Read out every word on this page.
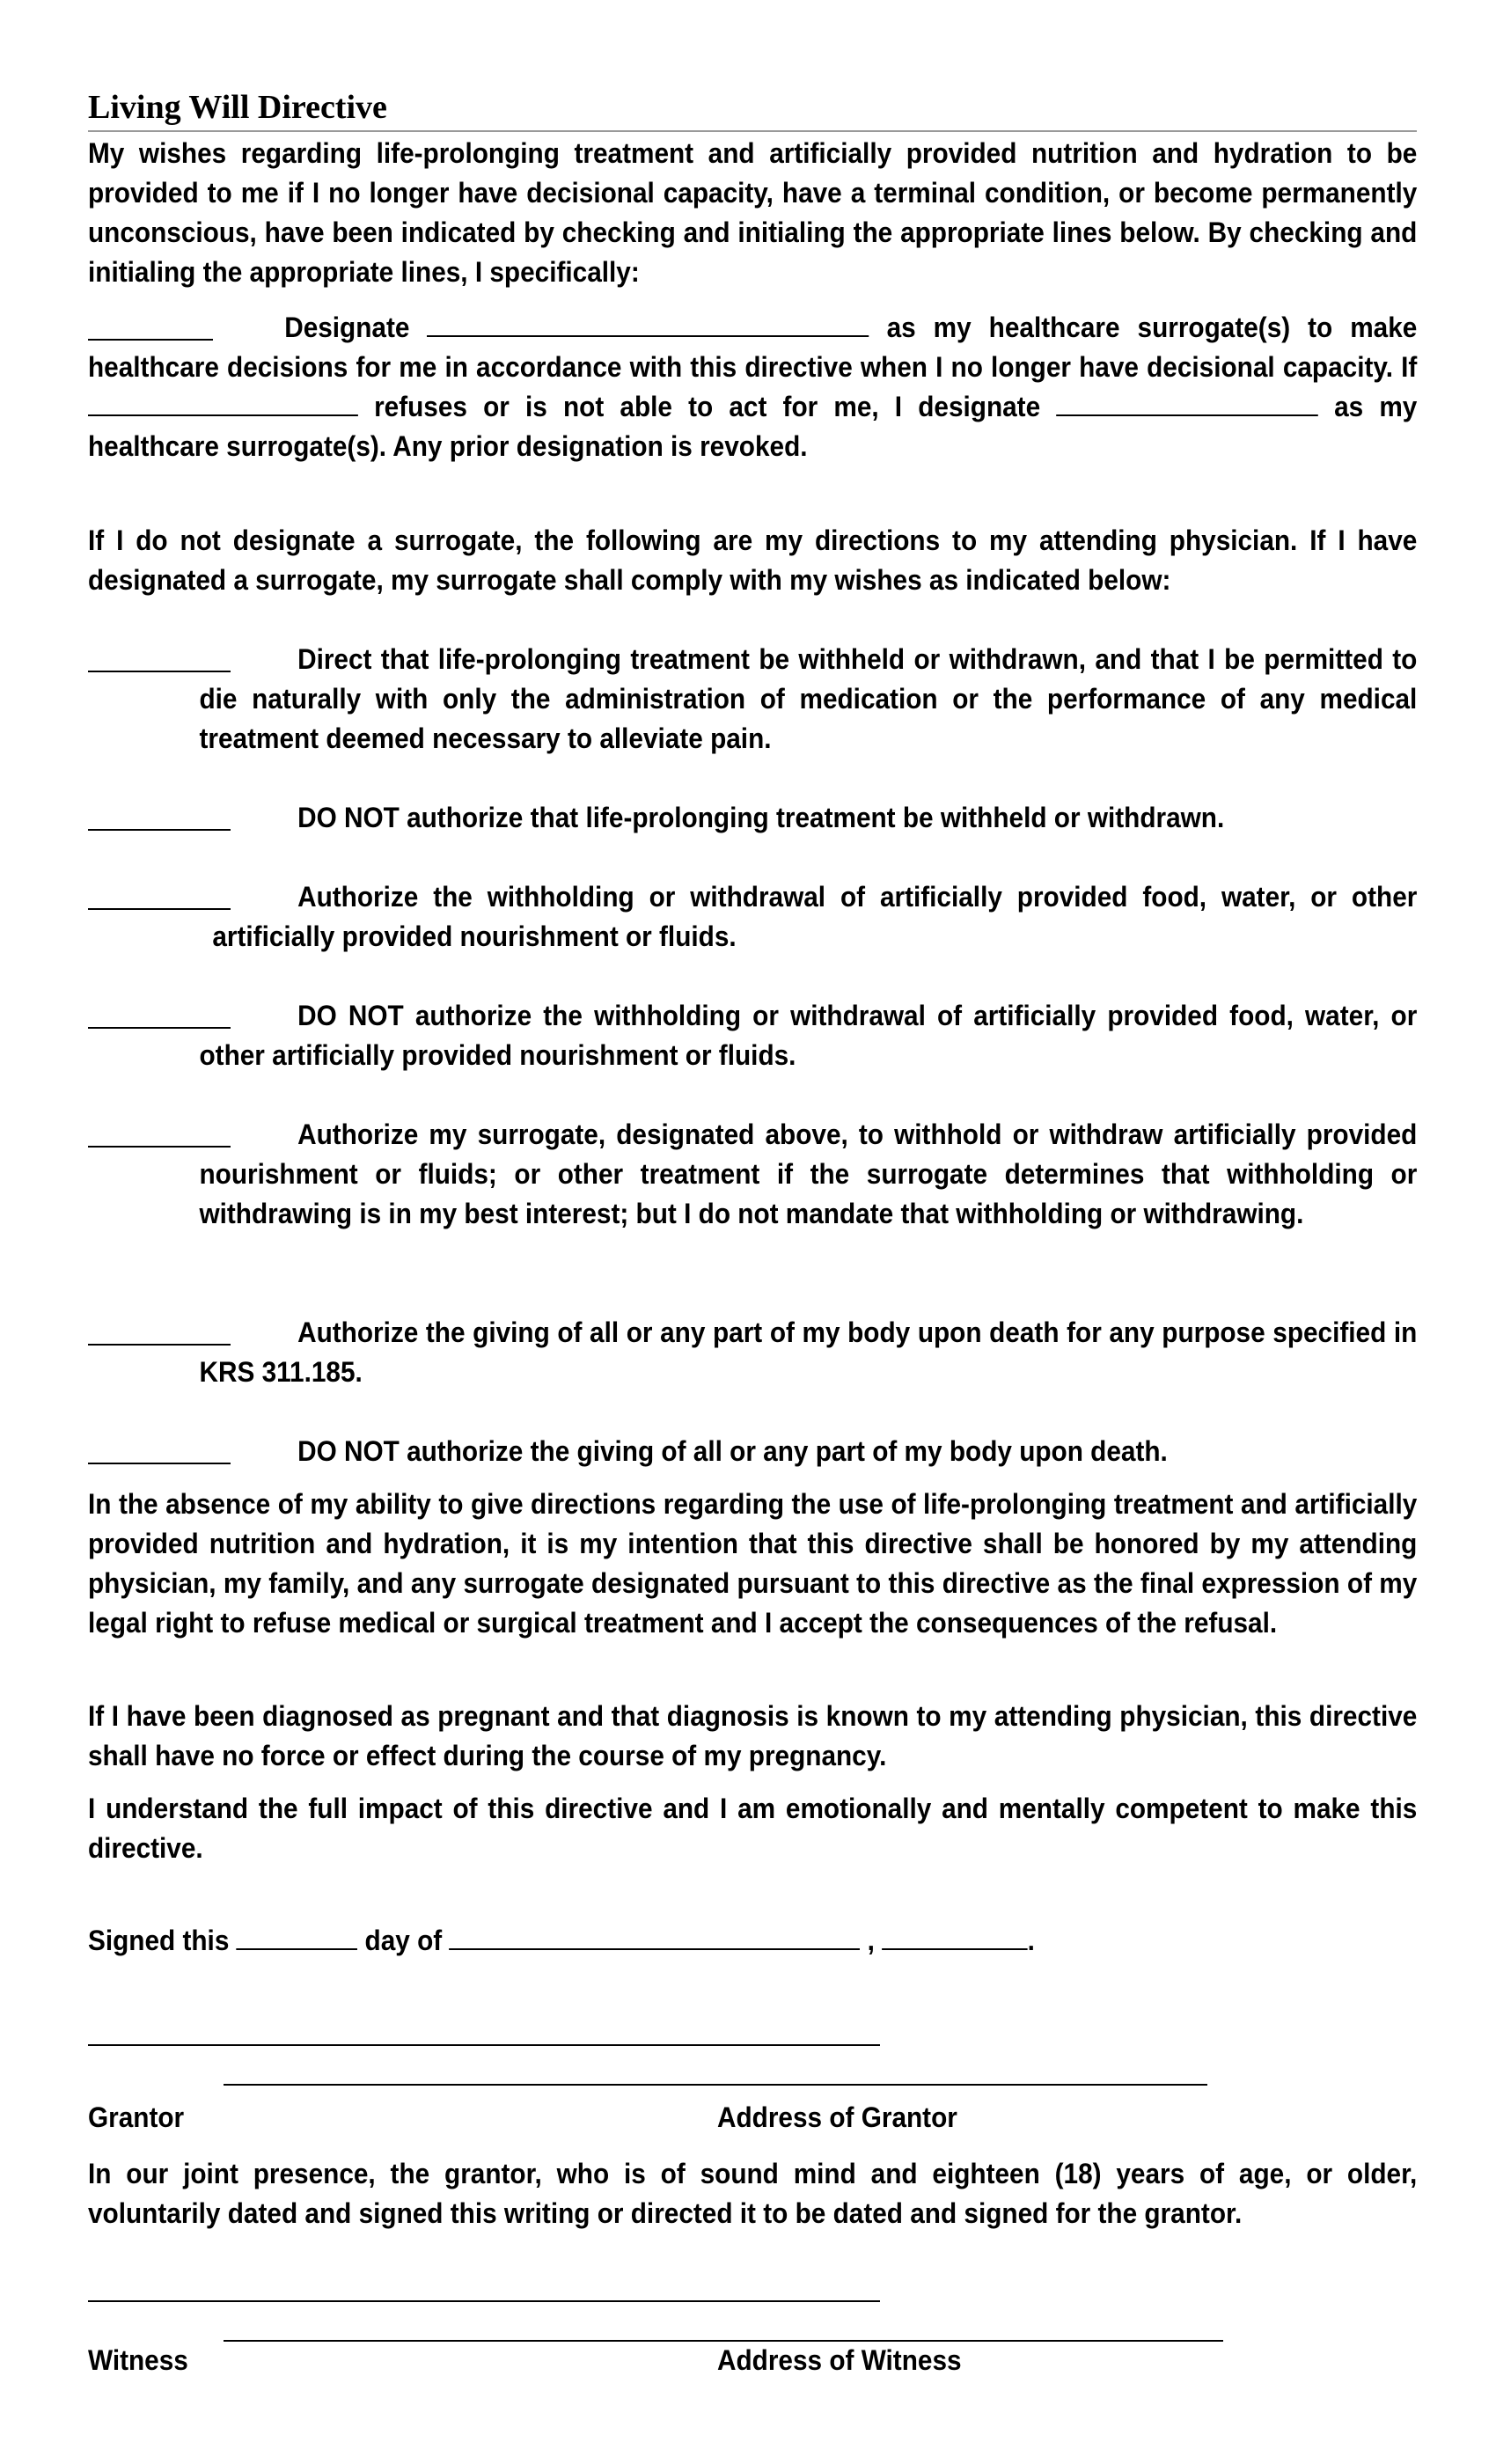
Living Will Directive

My wishes regarding life-prolonging treatment and artificially provided nutrition and hydration to be provided to me if I no longer have decisional capacity, have a terminal condition, or become permanently unconscious, have been indicated by checking and initialing the appropriate lines below. By checking and initialing the appropriate lines, I specifically:

Designate	as my healthcare surrogate(s) to make healthcare decisions for me in accordance with this directive when I no longer have decisional capacity. If  refuses or is not able to act for me, I designate	as my healthcare surrogate(s). Any prior designation is revoked.

If I do not designate a surrogate, the following are my directions to my attending physician. If I have designated a surrogate, my surrogate shall comply with my wishes as indicated below:

Direct that life-prolonging treatment be withheld or withdrawn, and that I be permitted to die naturally with only the administration of medication or the performance of any medical treatment deemed necessary to alleviate pain.

DO NOT authorize that life-prolonging treatment be withheld or withdrawn.

Authorize the withholding or withdrawal of artificially provided food, water, or other artificially provided nourishment or fluids.

DO NOT authorize the withholding or withdrawal of artificially provided food, water, or other artificially provided nourishment or fluids.

Authorize my surrogate, designated above, to withhold or withdraw artificially provided nourishment or fluids; or other treatment if the surrogate determines that withholding or withdrawing is in my best interest; but I do not mandate that withholding or withdrawing.

Authorize the giving of all or any part of my body upon death for any purpose specified in KRS 311.185.

DO NOT authorize the giving of all or any part of my body upon death.

In the absence of my ability to give directions regarding the use of life-prolonging treatment and artificially provided nutrition and hydration, it is my intention that this directive shall be honored by my attending physician, my family, and any surrogate designated pursuant to this directive as the final expression of my legal right to refuse medical or surgical treatment and I accept the consequences of the refusal.

If I have been diagnosed as pregnant and that diagnosis is known to my attending physician, this directive shall have no force or effect during the course of my pregnancy.

I understand the full impact of this directive and I am emotionally and mentally competent to make this directive.

Signed this	day of	,	.
Grantor	Address of Grantor

In our joint presence, the grantor, who is of sound mind and eighteen (18) years of age, or older, voluntarily dated and signed this writing or directed it to be dated and signed for the grantor.

Witness	Address of Witness
